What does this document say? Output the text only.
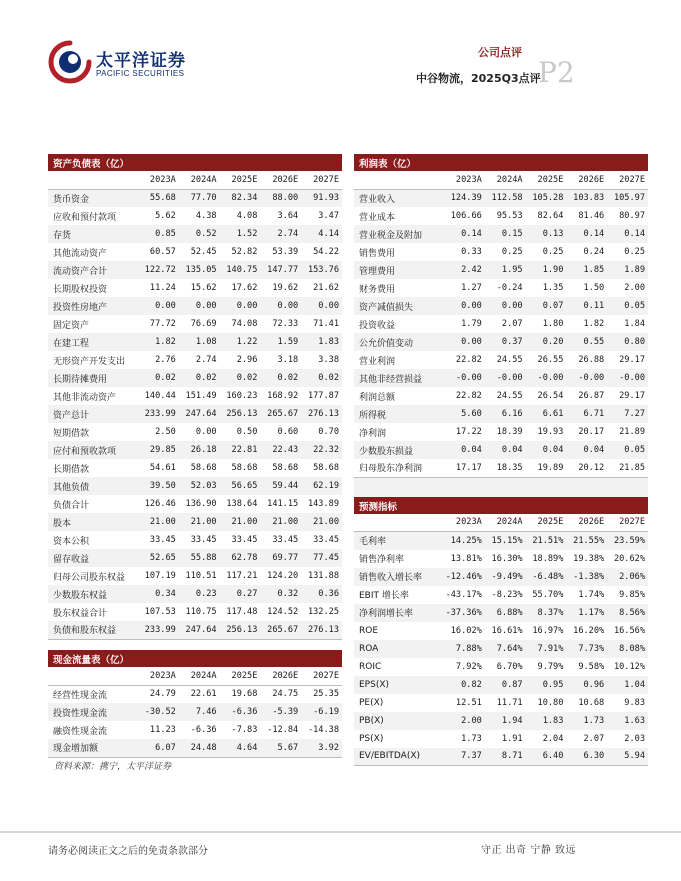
太平洋证券
PACIFIC SECURITIES
公司点评
中谷物流，2025Q3点评
P2
资产负债表（亿）
	2023A	2024A	2025E	2026E	2027E
货币资金	55.68	77.70	82.34	88.00	91.93
应收和预付款项	5.62	4.38	4.08	3.64	3.47
存货	0.85	0.52	1.52	2.74	4.14
其他流动资产	60.57	52.45	52.82	53.39	54.22
流动资产合计	122.72	135.05	140.75	147.77	153.76
长期股权投资	11.24	15.62	17.62	19.62	21.62
投资性房地产	0.00	0.00	0.00	0.00	0.00
固定资产	77.72	76.69	74.08	72.33	71.41
在建工程	1.82	1.08	1.22	1.59	1.83
无形资产开发支出	2.76	2.74	2.96	3.18	3.38
长期待摊费用	0.02	0.02	0.02	0.02	0.02
其他非流动资产	140.44	151.49	160.23	168.92	177.87
资产总计	233.99	247.64	256.13	265.67	276.13
短期借款	2.50	0.00	0.50	0.60	0.70
应付和预收款项	29.85	26.18	22.81	22.43	22.32
长期借款	54.61	58.68	58.68	58.68	58.68
其他负债	39.50	52.03	56.65	59.44	62.19
负债合计	126.46	136.90	138.64	141.15	143.89
股本	21.00	21.00	21.00	21.00	21.00
资本公积	33.45	33.45	33.45	33.45	33.45
留存收益	52.65	55.88	62.78	69.77	77.45
归母公司股东权益	107.19	110.51	117.21	124.20	131.88
少数股东权益	0.34	0.23	0.27	0.32	0.36
股东权益合计	107.53	110.75	117.48	124.52	132.25
负债和股东权益	233.99	247.64	256.13	265.67	276.13
现金流量表（亿）
	2023A	2024A	2025E	2026E	2027E
经营性现金流	24.79	22.61	19.68	24.75	25.35
投资性现金流	-30.52	7.46	-6.36	-5.39	-6.19
融资性现金流	11.23	-6.36	-7.83	-12.84	-14.38
现金增加额	6.07	24.48	4.64	5.67	3.92
利润表（亿）
	2023A	2024A	2025E	2026E	2027E
营业收入	124.39	112.58	105.28	103.83	105.97
营业成本	106.66	95.53	82.64	81.46	80.97
营业税金及附加	0.14	0.15	0.13	0.14	0.14
销售费用	0.33	0.25	0.25	0.24	0.25
管理费用	2.42	1.95	1.90	1.85	1.89
财务费用	1.27	-0.24	1.35	1.50	2.00
资产减值损失	0.00	0.00	0.07	0.11	0.05
投资收益	1.79	2.07	1.80	1.82	1.84
公允价值变动	0.00	0.37	0.20	0.55	0.80
营业利润	22.82	24.55	26.55	26.88	29.17
其他非经营损益	-0.00	-0.00	-0.00	-0.00	-0.00
利润总额	22.82	24.55	26.54	26.87	29.17
所得税	5.60	6.16	6.61	6.71	7.27
净利润	17.22	18.39	19.93	20.17	21.89
少数股东损益	0.04	0.04	0.04	0.04	0.05
归母股东净利润	17.17	18.35	19.89	20.12	21.85
预测指标
	2023A	2024A	2025E	2026E	2027E
毛利率	14.25%	15.15%	21.51%	21.55%	23.59%
销售净利率	13.81%	16.30%	18.89%	19.38%	20.62%
销售收入增长率	-12.46%	-9.49%	-6.48%	-1.38%	2.06%
EBIT 增长率	-43.17%	-8.23%	55.70%	1.74%	9.85%
净利润增长率	-37.36%	6.88%	8.37%	1.17%	8.56%
ROE	16.02%	16.61%	16.97%	16.20%	16.56%
ROA	7.88%	7.64%	7.91%	7.73%	8.08%
ROIC	7.92%	6.70%	9.79%	9.58%	10.12%
EPS(X)	0.82	0.87	0.95	0.96	1.04
PE(X)	12.51	11.71	10.80	10.68	9.83
PB(X)	2.00	1.94	1.83	1.73	1.63
PS(X)	1.73	1.91	2.04	2.07	2.03
EV/EBITDA(X)	7.37	8.71	6.40	6.30	5.94
资料来源：携宁，太平洋证券
请务必阅读正文之后的免责条款部分	守正 出奇 宁静 致远
